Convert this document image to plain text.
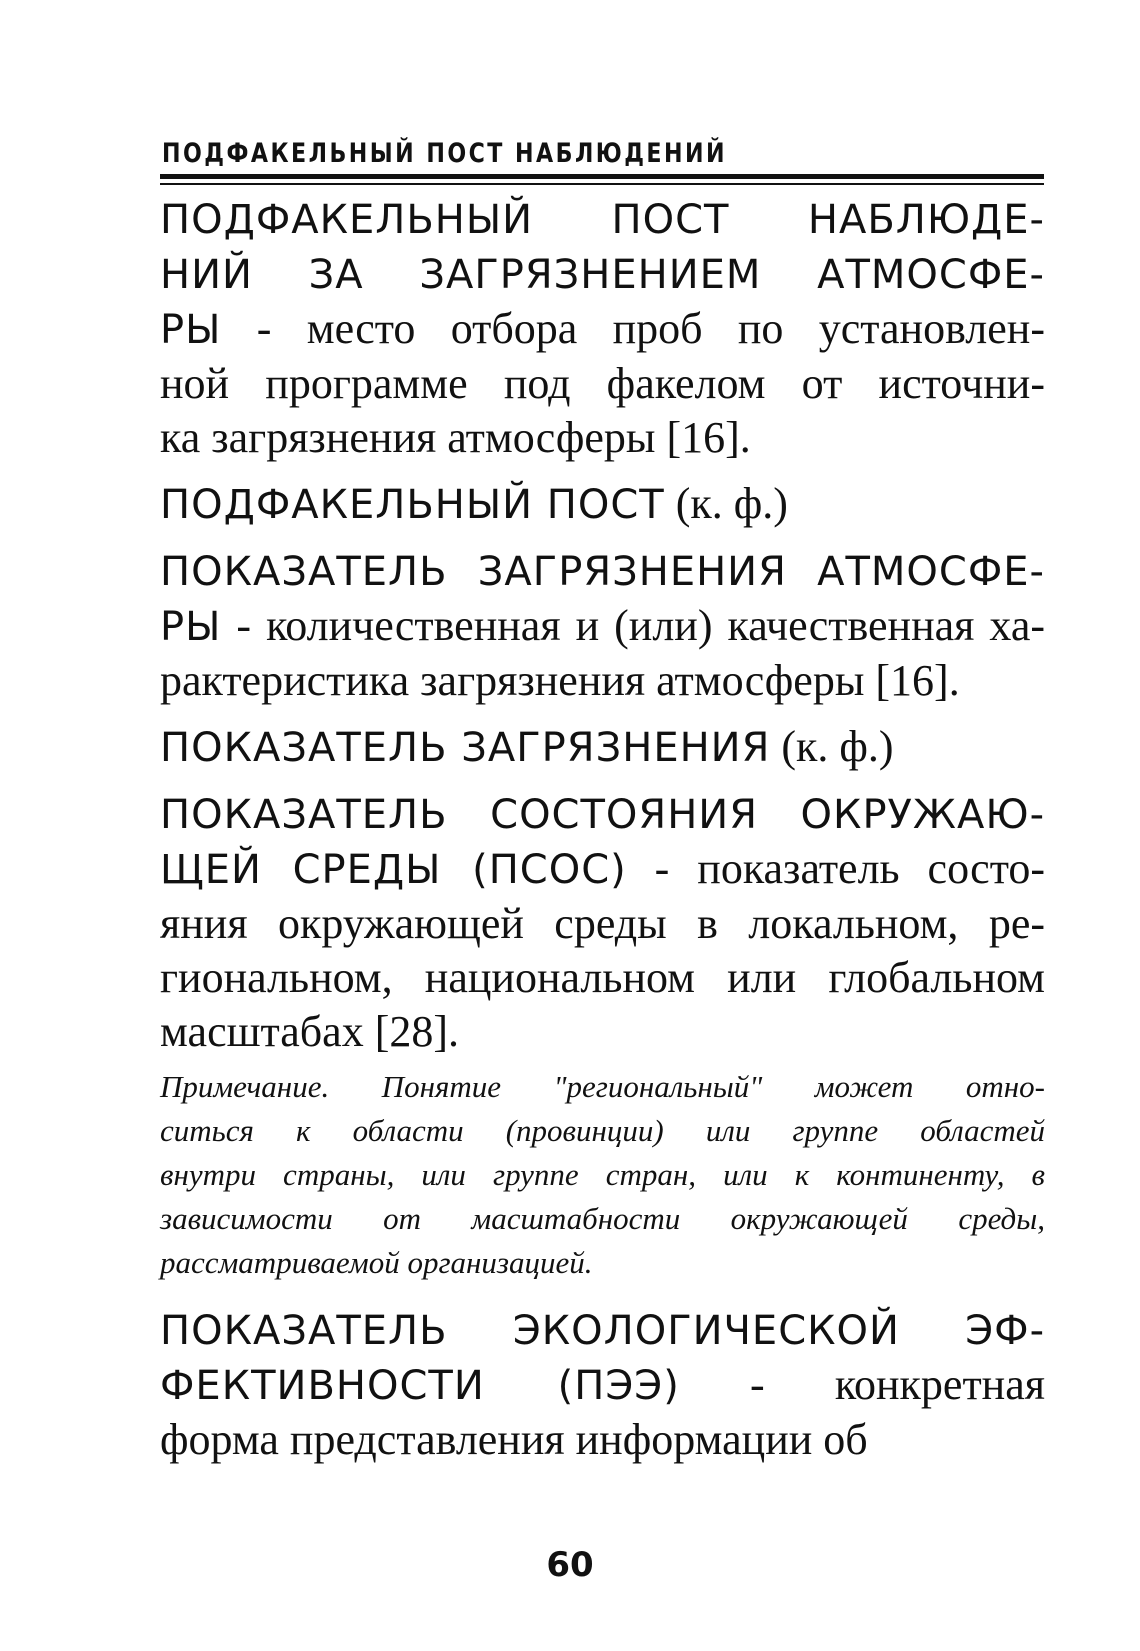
ПОДФАКЕЛЬНЫЙ ПОСТ НАБЛЮДЕНИЙ
ПОДФАКЕЛЬНЫЙ ПОСТ НАБЛЮДЕ-
НИЙ ЗА ЗАГРЯЗНЕНИЕМ АТМОСФЕ-
РЫ - место отбора проб по установлен-
ной программе под факелом от источни-
ка загрязнения атмосферы [16].
ПОДФАКЕЛЬНЫЙ ПОСТ (к. ф.)
ПОКАЗАТЕЛЬ ЗАГРЯЗНЕНИЯ АТМОСФЕ-
РЫ - количественная и (или) качественная ха-
рактеристика загрязнения атмосферы [16].
ПОКАЗАТЕЛЬ ЗАГРЯЗНЕНИЯ (к. ф.)
ПОКАЗАТЕЛЬ СОСТОЯНИЯ ОКРУЖАЮ-
ЩЕЙ СРЕДЫ (ПСОС) - показатель состо-
яния окружающей среды в локальном, ре-
гиональном, национальном или глобальном
масштабах [28].
Примечание. Понятие "региональный" может отно-
ситься к области (провинции) или группе областей
внутри страны, или группе стран, или к континенту, в
зависимости от масштабности окружающей среды,
рассматриваемой организацией.
ПОКАЗАТЕЛЬ ЭКОЛОГИЧЕСКОЙ ЭФ-
ФЕКТИВНОСТИ (ПЭЭ) - конкретная
форма представления информации об
60
